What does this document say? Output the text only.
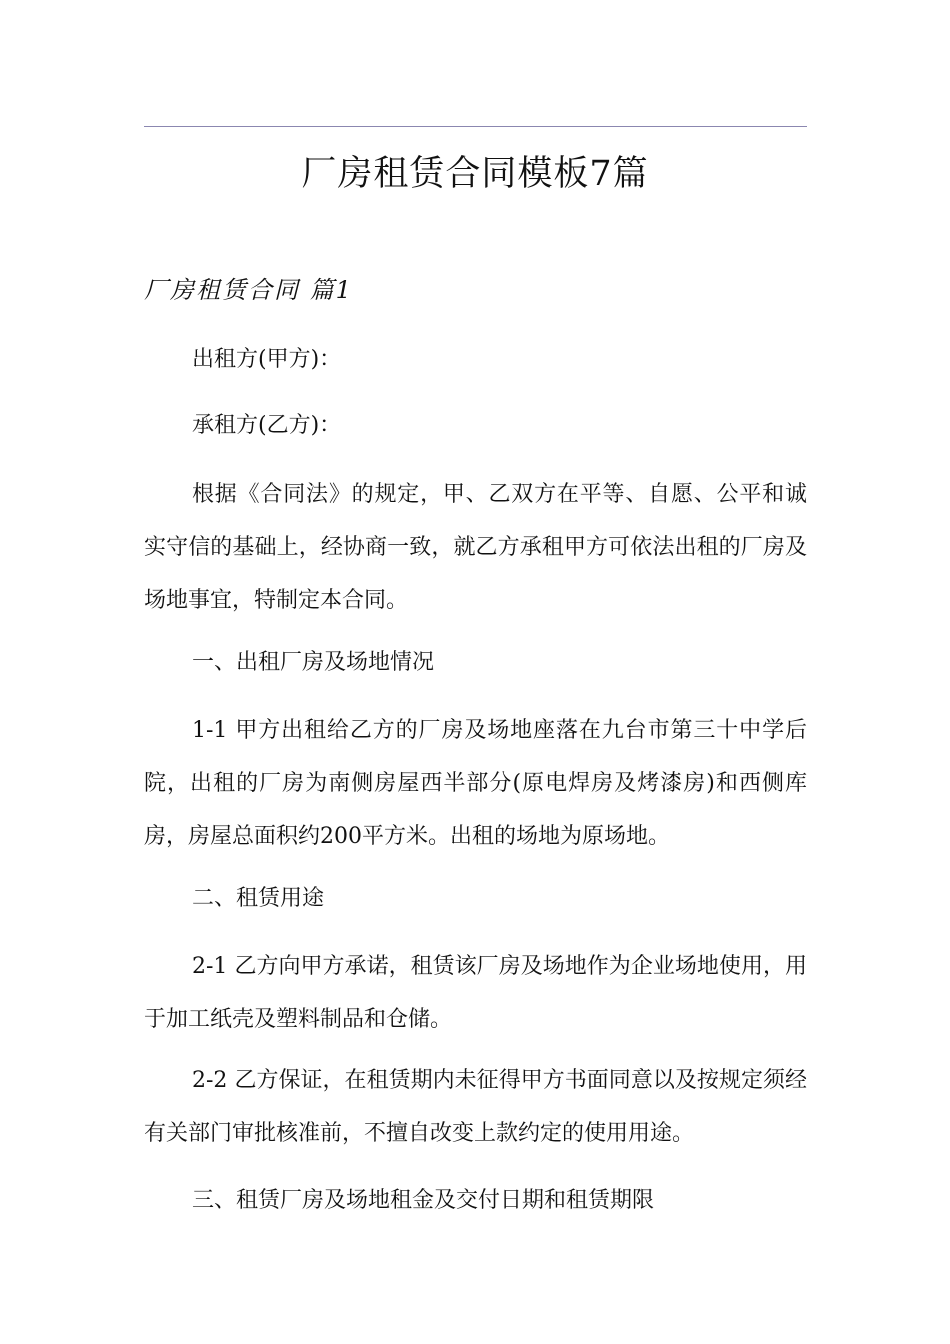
厂房租赁合同模板7篇
厂房租赁合同 篇1

出租方(甲方)：

承租方(乙方)：

根据《合同法》的规定，甲、乙双方在平等、自愿、公平和诚实守信的基础上，经协商一致，就乙方承租甲方可依法出租的厂房及场地事宜，特制定本合同。

一、出租厂房及场地情况

1-1 甲方出租给乙方的厂房及场地座落在九台市第三十中学后院，出租的厂房为南侧房屋西半部分(原电焊房及烤漆房)和西侧库房，房屋总面积约200平方米。出租的场地为原场地。

二、租赁用途

2-1 乙方向甲方承诺，租赁该厂房及场地作为企业场地使用，用于加工纸壳及塑料制品和仓储。

2-2 乙方保证，在租赁期内未征得甲方书面同意以及按规定须经有关部门审批核准前，不擅自改变上款约定的使用用途。

三、租赁厂房及场地租金及交付日期和租赁期限
